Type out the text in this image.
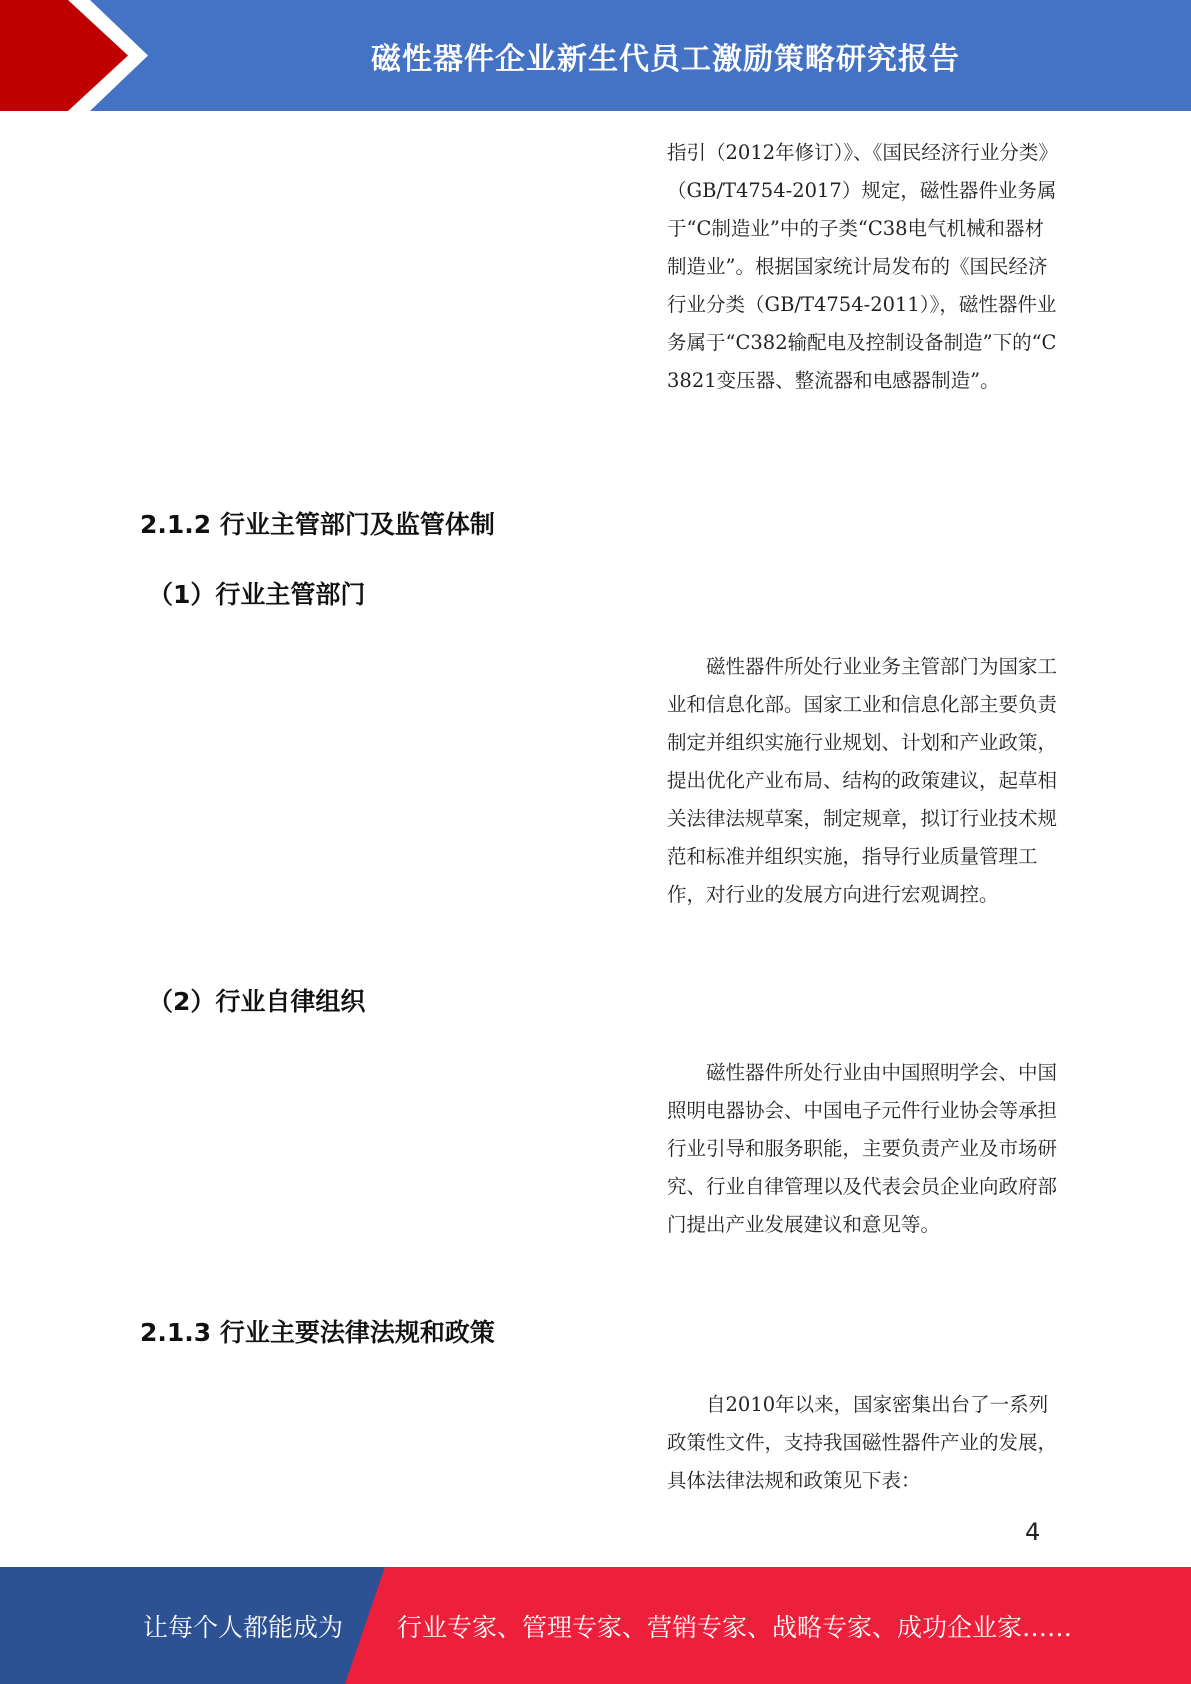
磁性器件企业新生代员工激励策略研究报告

指引（2012年修订）》、《国民经济行业分类》（GB/T4754-2017）规定，磁性器件业务属于“C制造业”中的子类“C38电气机械和器材制造业”。根据国家统计局发布的《国民经济行业分类（GB/T4754-2011）》，磁性器件业务属于“C382输配电及控制设备制造”下的“C3821变压器、整流器和电感器制造”。

2.1.2 行业主管部门及监管体制
（1）行业主管部门

磁性器件所处行业业务主管部门为国家工业和信息化部。国家工业和信息化部主要负责制定并组织实施行业规划、计划和产业政策，提出优化产业布局、结构的政策建议，起草相关法律法规草案，制定规章，拟订行业技术规范和标准并组织实施，指导行业质量管理工作，对行业的发展方向进行宏观调控。

（2）行业自律组织

磁性器件所处行业由中国照明学会、中国照明电器协会、中国电子元件行业协会等承担行业引导和服务职能，主要负责产业及市场研究、行业自律管理以及代表会员企业向政府部门提出产业发展建议和意见等。

2.1.3 行业主要法律法规和政策

自2010年以来，国家密集出台了一系列政策性文件，支持我国磁性器件产业的发展，具体法律法规和政策见下表：

4
让每个人都能成为 行业专家、管理专家、营销专家、战略专家、成功企业家……
